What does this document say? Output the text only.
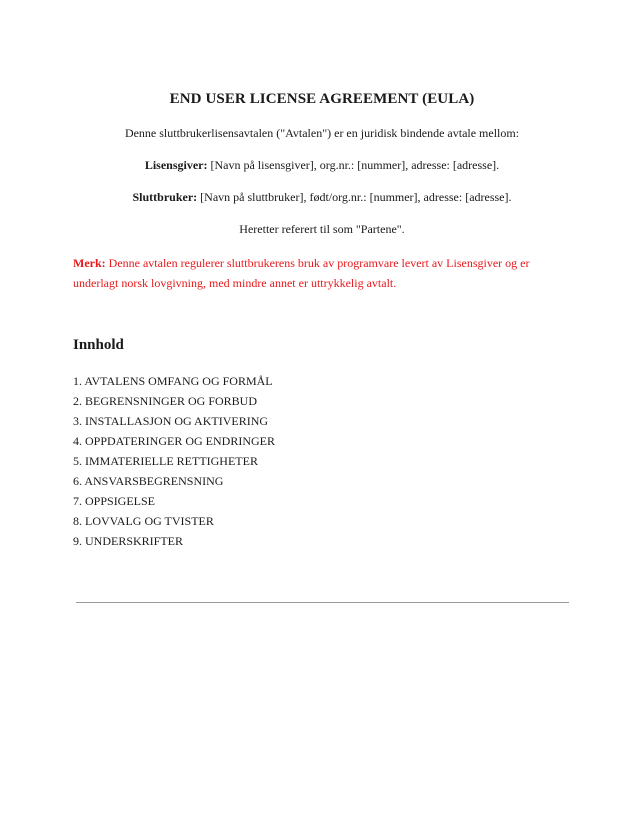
END USER LICENSE AGREEMENT (EULA)
Denne sluttbrukerlisensavtalen ("Avtalen") er en juridisk bindende avtale mellom:
Lisensgiver: [Navn på lisensgiver], org.nr.: [nummer], adresse: [adresse].
Sluttbruker: [Navn på sluttbruker], født/org.nr.: [nummer], adresse: [adresse].
Heretter referert til som "Partene".
Merk: Denne avtalen regulerer sluttbrukerens bruk av programvare levert av Lisensgiver og er underlagt norsk lovgivning, med mindre annet er uttrykkelig avtalt.
Innhold
1. AVTALENS OMFANG OG FORMÅL
2. BEGRENSNINGER OG FORBUD
3. INSTALLASJON OG AKTIVERING
4. OPPDATERINGER OG ENDRINGER
5. IMMATERIELLE RETTIGHETER
6. ANSVARSBEGRENSNING
7. OPPSIGELSE
8. LOVVALG OG TVISTER
9. UNDERSKRIFTER
